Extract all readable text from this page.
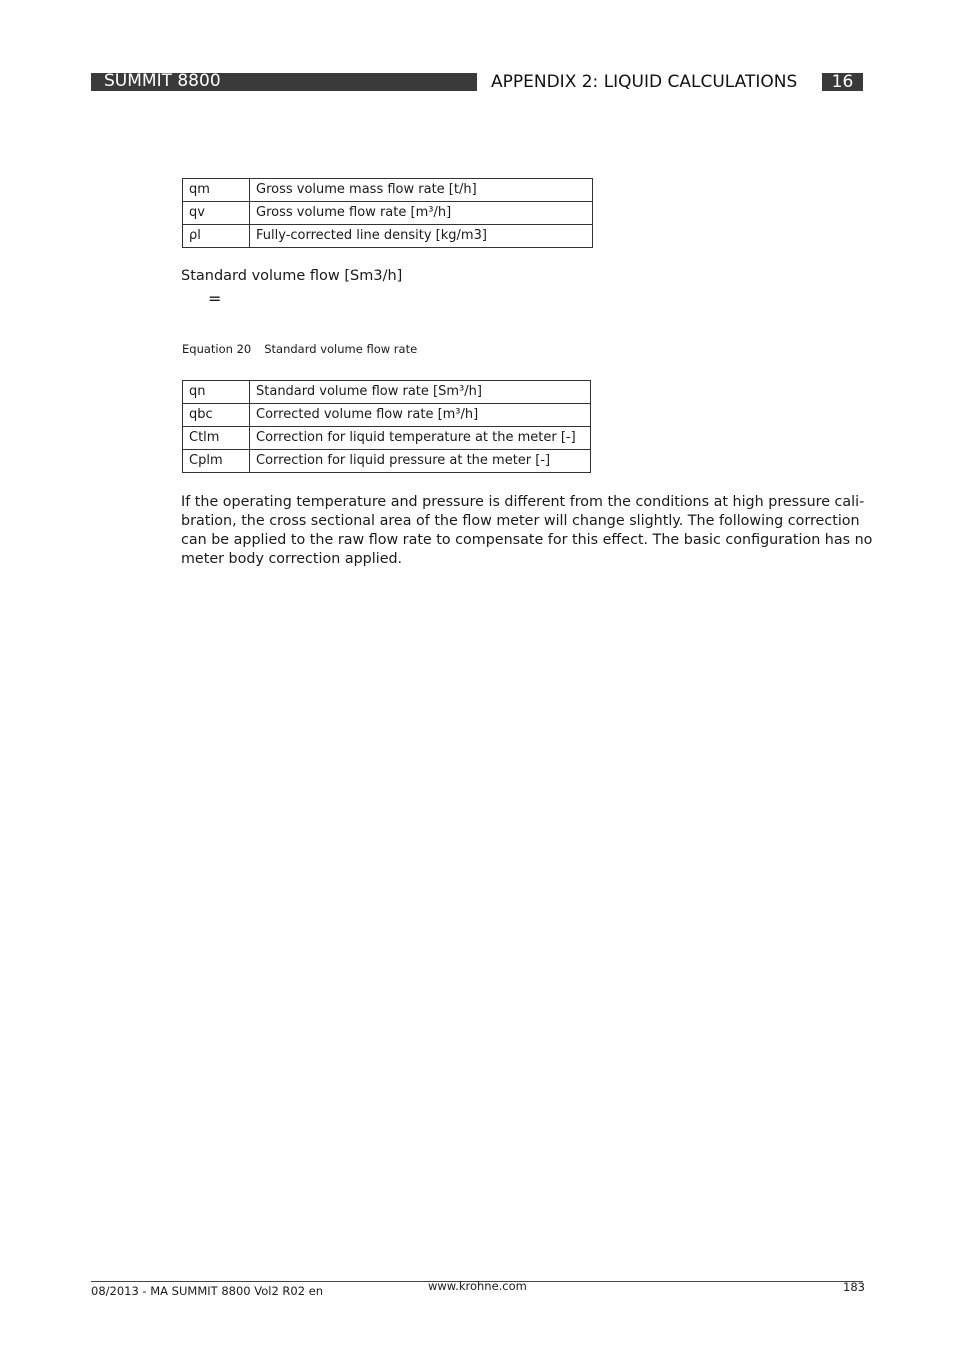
SUMMIT 8800	APPENDIX 2: LIQUID CALCULATIONS	16
qm	Gross volume mass flow rate [t/h]
qv	Gross volume flow rate [m³/h]
ρl	Fully-corrected line density [kg/m3]
Standard volume flow [Sm3/h]
=
Equation 20 Standard volume flow rate
qn	Standard volume flow rate [Sm³/h]
qbc	Corrected volume flow rate [m³/h]
Ctlm	Correction for liquid temperature at the meter [-]
Cplm	Correction for liquid pressure at the meter [-]

If the operating temperature and pressure is different from the conditions at high pressure cali-
bration, the cross sectional area of the flow meter will change slightly. The following correction
can be applied to the raw flow rate to compensate for this effect. The basic configuration has no
meter body correction applied.

08/2013 - MA SUMMIT 8800 Vol2 R02 en	www.krohne.com	183
